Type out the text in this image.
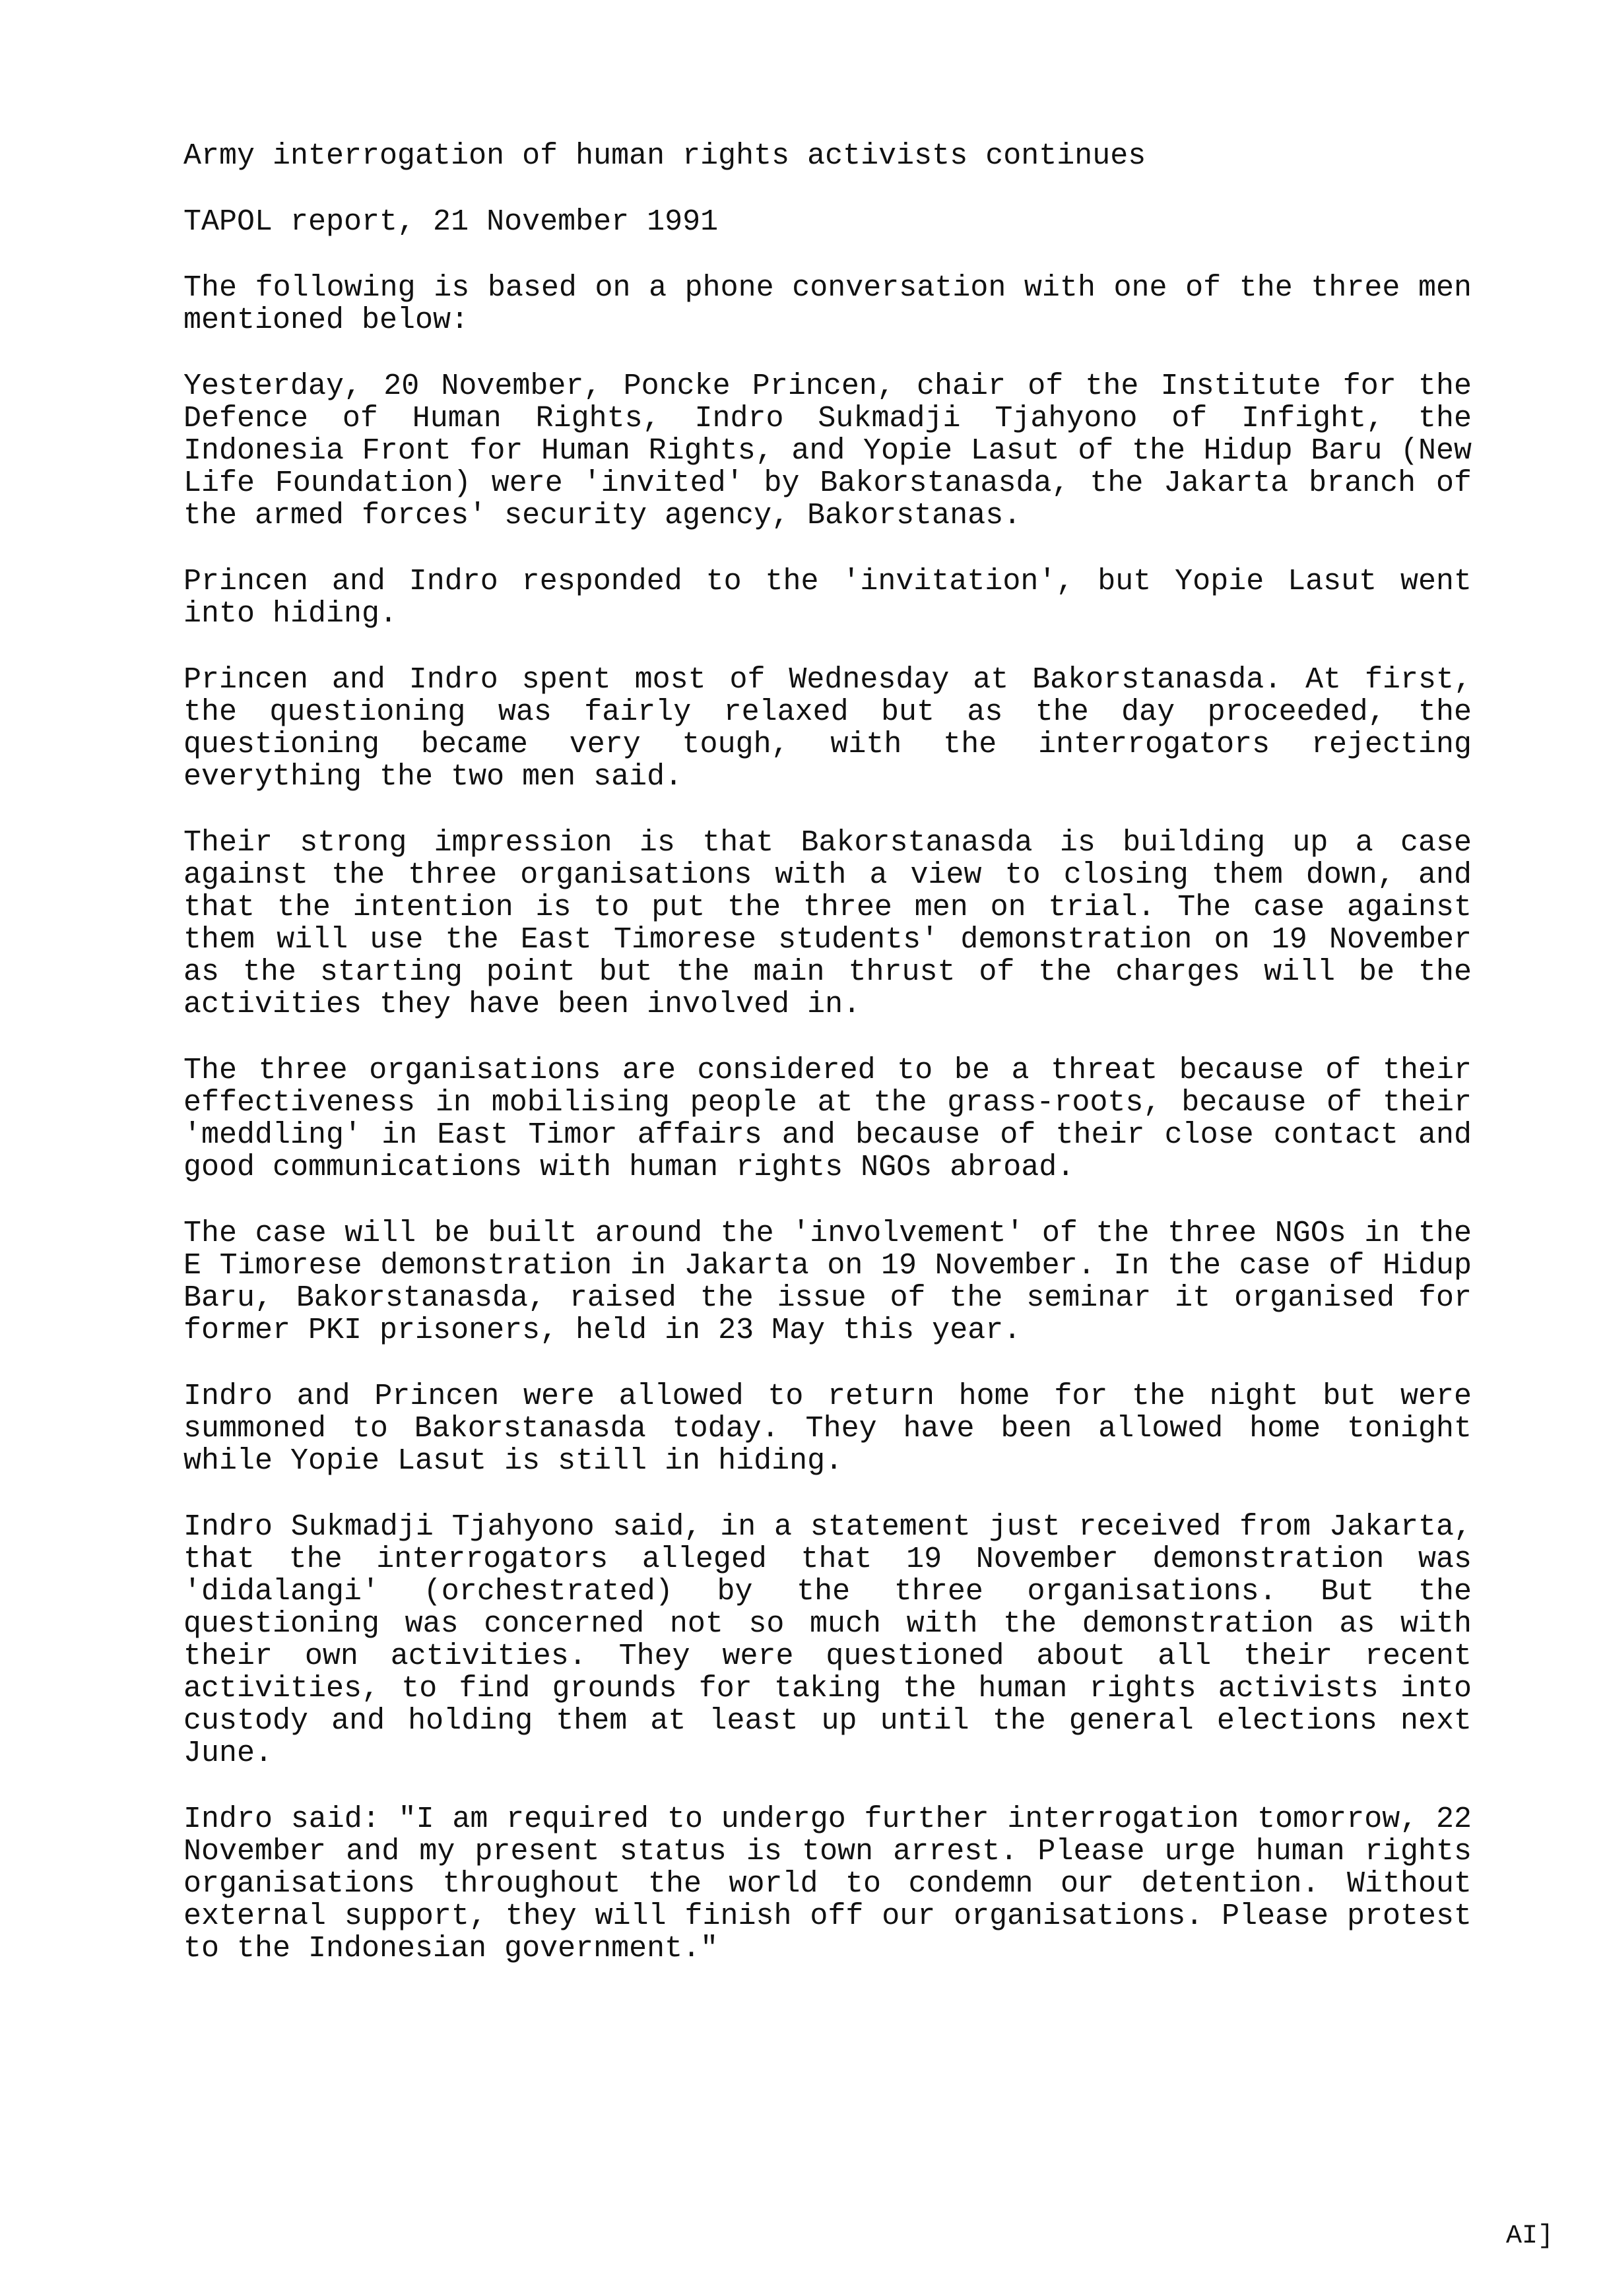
Army interrogation of human rights activists continues
TAPOL report, 21 November 1991

The following is based on a phone conversation with one of the three men mentioned below:

Yesterday, 20 November, Poncke Princen, chair of the Institute for the Defence of Human Rights, Indro Sukmadji Tjahyono of Infight, the Indonesia Front for Human Rights, and Yopie Lasut of the Hidup Baru (New Life Foundation) were 'invited' by Bakorstanasda, the Jakarta branch of the armed forces' security agency, Bakorstanas.

Princen and Indro responded to the 'invitation', but Yopie Lasut went into hiding.

Princen and Indro spent most of Wednesday at Bakorstanasda. At first, the questioning was fairly relaxed but as the day proceeded, the questioning became very tough, with the interrogators rejecting everything the two men said.

Their strong impression is that Bakorstanasda is building up a case against the three organisations with a view to closing them down, and that the intention is to put the three men on trial. The case against them will use the East Timorese students' demonstration on 19 November as the starting point but the main thrust of the charges will be the activities they have been involved in.

The three organisations are considered to be a threat because of their effectiveness in mobilising people at the grass-roots, because of their 'meddling' in East Timor affairs and because of their close contact and good communications with human rights NGOs abroad.

The case will be built around the 'involvement' of the three NGOs in the E Timorese demonstration in Jakarta on 19 November. In the case of Hidup Baru, Bakorstanasda, raised the issue of the seminar it organised for former PKI prisoners, held in 23 May this year.

Indro and Princen were allowed to return home for the night but were summoned to Bakorstanasda today. They have been allowed home tonight while Yopie Lasut is still in hiding.

Indro Sukmadji Tjahyono said, in a statement just received from Jakarta, that the interrogators alleged that 19 November demonstration was 'didalangi' (orchestrated) by the three organisations. But the questioning was concerned not so much with the demonstration as with their own activities. They were questioned about all their recent activities, to find grounds for taking the human rights activists into custody and holding them at least up until the general elections next June.

Indro said: "I am required to undergo further interrogation tomorrow, 22 November and my present status is town arrest. Please urge human rights organisations throughout the world to condemn our detention. Without external support, they will finish off our organisations. Please protest to the Indonesian government."

AI]
